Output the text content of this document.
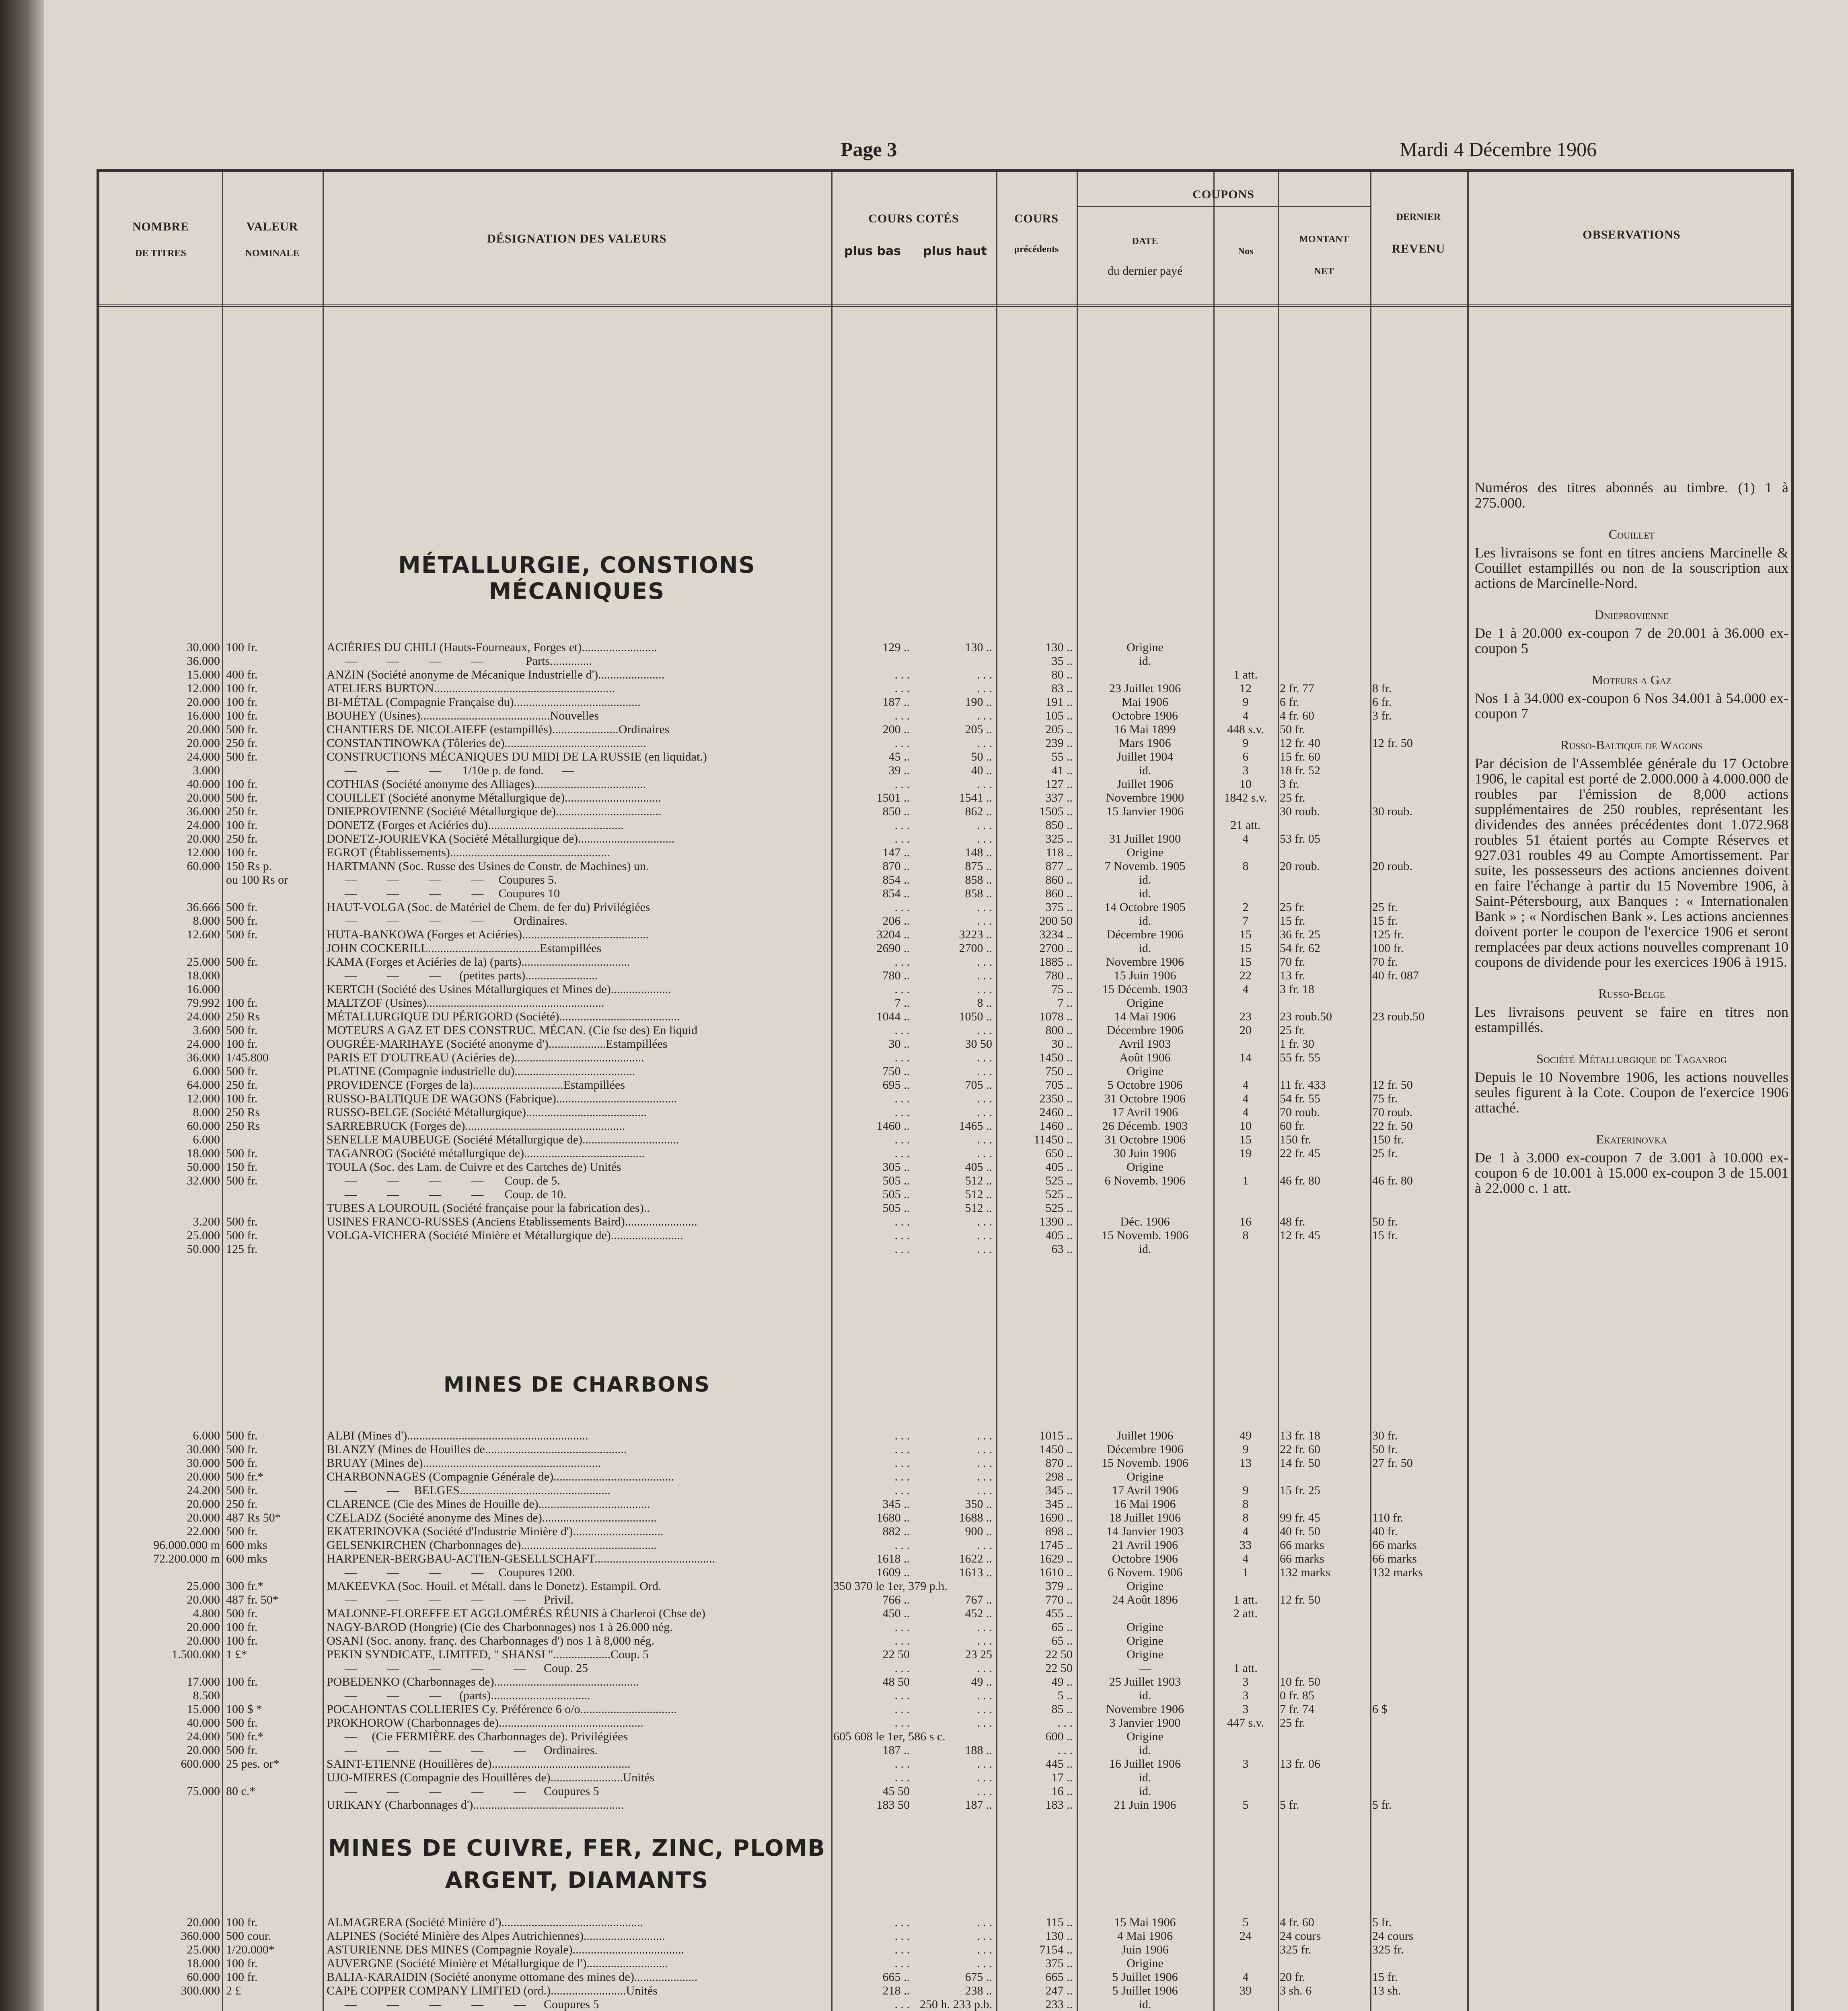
Page 3	Mardi 4 Décembre 1906
NOMBRE
DE TITRES
VALEUR
NOMINALE
DÉSIGNATION DES VALEURS
COURS COTÉS
plus bas	plus haut
COURS
précédents
COUPONS
DATE
du dernier payé
Nos
MONTANT
NET
DERNIER
REVENU
OBSERVATIONS
MÉTALLURGIE, CONSTIONS MÉCANIQUES
30.000
36.000
15.000
12.000
20.000
16.000
20.000
20.000
24.000
3.000
40.000
20.000
36.000
24.000
20.000
12.000
60.000

36.666
8.000
12.600

25.000
18.000
16.000
79.992
24.000
3.600
24.000
36.000
6.000
64.000
12.000
8.000
60.000
6.000
18.000
50.000
32.000

3.200
25.000
50.000
100 fr.

400 fr.
100 fr.
100 fr.
100 fr.
500 fr.
250 fr.
500 fr.

100 fr.
500 fr.
250 fr.
100 fr.
250 fr.
100 fr.
150 Rs p.
ou 100 Rs or

500 fr.
500 fr.
500 fr.

500 fr.

100 fr.
250 Rs
500 fr.
100 fr.
1/45.800
500 fr.
250 fr.
100 fr.
250 Rs
250 Rs

500 fr.
150 fr.
500 fr.

500 fr.
500 fr.
125 fr.
ACIÉRIES DU CHILI (Hauts-Fourneaux, Forges et).........................
—          —          —          —              Parts..............
ANZIN (Société anonyme de Mécanique Industrielle d')......................
ATELIERS BURTON............................................................
BI-MÉTAL (Compagnie Française du)..........................................
BOUHEY (Usines)...........................................Nouvelles
CHANTIERS DE NICOLAIEFF (estampillés)......................Ordinaires
CONSTANTINOWKA (Tôleries de)...............................................
CONSTRUCTIONS MÉCANIQUES DU MIDI DE LA RUSSIE (en liquidat.)
—          —          —       1/10e p. de fond.      —
COTHIAS (Société anonyme des Alliages).....................................
COUILLET (Société anonyme Métallurgique de)................................
DNIEPROVIENNE (Société Métallurgique de)...................................
DONETZ (Forges et Aciéries du).............................................
DONETZ-JOURIEVKA (Société Métallurgique de)................................
EGROT (Établissements).....................................................
HARTMANN (Soc. Russe des Usines de Constr. de Machines) un.
—          —          —          —     Coupures 5.
—          —          —          —     Coupures 10
HAUT-VOLGA (Soc. de Matériel de Chem. de fer du) Privilégiées
—          —          —          —          Ordinaires.
HUTA-BANKOWA (Forges et Aciéries)..........................................
JOHN COCKERILL.....................................Estampillées
KAMA (Forges et Aciéries de la) (parts)....................................
—          —          —      (petites parts)........................
KERTCH (Société des Usines Métallurgiques et Mines de)....................
MALTZOF (Usines)...........................................................
MÉTALLURGIQUE DU PÉRIGORD (Société)........................................
MOTEURS A GAZ ET DES CONSTRUC. MÉCAN. (Cie fse des) En liquid
OUGRÉE-MARIHAYE (Société anonyme d')...................Estampillées
PARIS ET D'OUTREAU (Aciéries de)...........................................
PLATINE (Compagnie industrielle du)........................................
PROVIDENCE (Forges de la)..............................Estampillées
RUSSO-BALTIQUE DE WAGONS (Fabrique)........................................
RUSSO-BELGE (Société Métallurgique)........................................
SARREBRUCK (Forges de).....................................................
SENELLE MAUBEUGE (Société Métallurgique de)................................
TAGANROG (Société métallurgique de)........................................
TOULA (Soc. des Lam. de Cuivre et des Cartches de) Unités
—          —          —          —       Coup. de 5.
—          —          —          —       Coup. de 10.
TUBES A LOUROUIL (Société française pour la fabrication des)..
USINES FRANCO-RUSSES (Anciens Etablissements Baird)........................
VOLGA-VICHERA (Société Minière et Métallurgique de)........................
129 ..

. . .
. . .
187 ..
. . .
200 ..
. . .
45 ..
39 ..
. . .
1501 ..
850 ..
. . .
. . .
147 ..
870 ..
854 ..
854 ..
. . .
206 ..
3204 ..
2690 ..
. . .
780 ..
. . .
7 ..
1044 ..
. . .
30 ..
. . .
750 ..
695 ..
. . .
. . .
1460 ..
. . .
. . .
305 ..
505 ..
505 ..
505 ..
. . .
. . .
. . .
130 ..

. . .
. . .
190 ..
. . .
205 ..
. . .
50 ..
40 ..
. . .
1541 ..
862 ..
. . .
. . .
148 ..
875 ..
858 ..
858 ..
. . .
. . .
3223 ..
2700 ..
. . .
. . .
. . .
8 ..
1050 ..
. . .
30 50
. . .
. . .
705 ..
. . .
. . .
1465 ..
. . .
. . .
405 ..
512 ..
512 ..
512 ..
. . .
. . .
. . .
130 ..
35 ..
80 ..
83 ..
191 ..
105 ..
205 ..
239 ..
55 ..
41 ..
127 ..
337 ..
1505 ..
850 ..
325 ..
118 ..
877 ..
860 ..
860 ..
375 ..
200 50
3234 ..
2700 ..
1885 ..
780 ..
75 ..
7 ..
1078 ..
800 ..
30 ..
1450 ..
750 ..
705 ..
2350 ..
2460 ..
1460 ..
11450 ..
650 ..
405 ..
525 ..
525 ..
525 ..
1390 ..
405 ..
63 ..
Origine
id.

23 Juillet 1906
Mai 1906
Octobre 1906
16 Mai 1899
Mars 1906
Juillet 1904
id.
Juillet 1906
Novembre 1900
15 Janvier 1906

31 Juillet 1900
Origine
7 Novemb. 1905
id.
id.
14 Octobre 1905
id.
Décembre 1906
id.
Novembre 1906
15 Juin 1906
15 Décemb. 1903
Origine
14 Mai 1906
Décembre 1906
Avril 1903
Août 1906
Origine
5 Octobre 1906
31 Octobre 1906
17 Avril 1906
26 Décemb. 1903
31 Octobre 1906
30 Juin 1906
Origine
6 Novemb. 1906

Déc. 1906
15 Novemb. 1906
id.

1 att.
12
9
4
448 s.v.
9
6
3
10
1842 s.v.

21 att.
4

8

2
7
15
15
15
22
4

23
20

14

4
4
4
10
15
19

1

16
8

2 fr. 77
6 fr.
4 fr. 60
50 fr.
12 fr. 40
15 fr. 60
18 fr. 52
3 fr.
25 fr.
30 roub.

53 fr. 05

20 roub.

25 fr.
15 fr.
36 fr. 25
54 fr. 62
70 fr.
13 fr.
3 fr. 18

23 roub.50
25 fr.
1 fr. 30
55 fr. 55

11 fr. 433
54 fr. 55
70 roub.
60 fr.
150 fr.
22 fr. 45

46 fr. 80

48 fr.
12 fr. 45

8 fr.
6 fr.
3 fr.

12 fr. 50

30 roub.

20 roub.

25 fr.
15 fr.
125 fr.
100 fr.
70 fr.
40 fr. 087

23 roub.50

12 fr. 50
75 fr.
70 roub.
22 fr. 50
150 fr.
25 fr.

46 fr. 80

50 fr.
15 fr.

MINES DE CHARBONS
6.000
30.000
30.000
20.000
24.200
20.000
20.000
22.000
96.000.000 m
72.200.000 m

25.000
20.000
4.800
20.000
20.000
1.500.000

17.000
8.500
15.000
40.000
24.000
20.000
600.000

75.000
500 fr.
500 fr.
500 fr.
500 fr.*
500 fr.
250 fr.
487 Rs 50*
500 fr.
600 mks
600 mks

300 fr.*
487 fr. 50*
500 fr.
100 fr.
100 fr.
1 £*

100 fr.

100 $ *
500 fr.
500 fr.*
500 fr.
25 pes. or*

80 c.*
ALBI (Mines d')............................................................
BLANZY (Mines de Houilles de...............................................
BRUAY (Mines de)...........................................................
CHARBONNAGES (Compagnie Générale de)........................................
—          —     BELGES..................................................
CLARENCE (Cie des Mines de Houille de).....................................
CZELADZ (Société anonyme des Mines de)......................................
EKATERINOVKA (Société d'Industrie Minière d')..............................
GELSENKIRCHEN (Charbonnages de).............................................
HARPENER-BERGBAU-ACTIEN-GESELLSCHAFT........................................
—          —          —          —     Coupures 1200.
MAKEEVKA (Soc. Houil. et Métall. dans le Donetz). Estampil. Ord.
—          —          —          —          —      Privil.
MALONNE-FLOREFFE ET AGGLOMÉRÉS RÉUNIS à Charleroi (Chse de)
NAGY-BAROD (Hongrie) (Cie des Charbonnages) nos 1 à 26.000 nég.
OSANI (Soc. anony. franç. des Charbonnages d') nos 1 à 8,000 nég.
PEKIN SYNDICATE, LIMITED, " SHANSI "...................Coup. 5
—          —          —          —          —      Coup. 25
POBEDENKO (Charbonnages de)................................................
—          —          —      (parts).................................
POCAHONTAS COLLIERIES Cy. Préférence 6 o/o................................
PROKHOROW (Charbonnages de)................................................
—     (Cie FERMIÈRE des Charbonnages de). Privilégiées
—          —          —          —          —      Ordinaires.
SAINT-ETIENNE (Houillères de)..............................................
UJO-MIERES (Compagnie des Houillères de)........................Unités
—          —          —          —          —      Coupures 5
URIKANY (Charbonnages d')..................................................
. . .
. . .
. . .
. . .
. . .
345 ..
1680 ..
882 ..
. . .
1618 ..
1609 ..
350 370 le 1er, 379 p.h.
766 ..
450 ..
. . .
. . .
22 50
. . .
48 50
. . .
. . .
. . .
605 608 le 1er, 586 s c.
187 ..
. . .
. . .
45 50
183 50
. . .
. . .
. . .
. . .
. . .
350 ..
1688 ..
900 ..
. . .
1622 ..
1613 ..

767 ..
452 ..
. . .
. . .
23 25
. . .
49 ..
. . .
. . .
. . .

188 ..
. . .
. . .
. . .
187 ..
1015 ..
1450 ..
870 ..
298 ..
345 ..
345 ..
1690 ..
898 ..
1745 ..
1629 ..
1610 ..
379 ..
770 ..
455 ..
65 ..
65 ..
22 50
22 50
49 ..
5 ..
85 ..
. . .
600 ..
. . .
445 ..
17 ..
16 ..
183 ..
Juillet 1906
Décembre 1906
15 Novemb. 1906
Origine
17 Avril 1906
16 Mai 1906
18 Juillet 1906
14 Janvier 1903
21 Avril 1906
Octobre 1906
6 Novem. 1906
Origine
24 Août 1896

Origine
Origine
Origine
—
25 Juillet 1903
id.
Novembre 1906
3 Janvier 1900
Origine
id.
16 Juillet 1906
id.
id.
21 Juin 1906
49
9
13

9
8
8
4
33
4
1

1 att.
2 att.

1 att.
3
3
3
447 s.v.

3

5
13 fr. 18
22 fr. 60
14 fr. 50

15 fr. 25

99 fr. 45
40 fr. 50
66 marks
66 marks
132 marks

12 fr. 50

10 fr. 50
0 fr. 85
7 fr. 74
25 fr.

13 fr. 06

5 fr.
30 fr.
50 fr.
27 fr. 50

110 fr.
40 fr.
66 marks
66 marks
132 marks

6 $

5 fr.
MINES DE CUIVRE, FER, ZINC, PLOMB
ARGENT, DIAMANTS
20.000
360.000
25.000
18.000
60.000
300.000

100 fr.
500 cour.
1/20.000*
100 fr.
100 fr.
2 £

ALMAGRERA (Société Minière d')...............................................
ALPINES (Société Minière des Alpes Autrichiennes)...........................
ASTURIENNE DES MINES (Compagnie Royale).....................................
AUVERGNE (Société Minière et Métallurgique de l')...........................
BALIA-KARAIDIN (Société anonyme ottomane des mines de).....................
CAPE COPPER COMPANY LIMITED (ord.).........................Unités
—          —          —          —          —      Coupures 5

. . .
. . .
. . .
. . .
665 ..
218 ..
. . .

. . .
. . .
. . .
. . .
675 ..
238 ..
250 h. 233 p.b.

115 ..
130 ..
7154 ..
375 ..
665 ..
247 ..
233 ..

15 Mai 1906
4 Mai 1906
Juin 1906
Origine
5 Juillet 1906
5 Juillet 1906
id.

5
24

4
39

4 fr. 60
24 cours
325 fr.

20 fr.
3 sh. 6

5 fr.
24 cours
325 fr.

15 fr.
13 sh.

Numéros des titres abonnés au timbre. (1) 1 à 275.000.

Couillet

Les livraisons se font en titres anciens Marcinelle & Couillet estampillés ou non de la souscription aux actions de Marcinelle-Nord.

Dnieprovienne

De 1 à 20.000 ex-coupon 7 de 20.001 à 36.000 ex-coupon 5

Moteurs a Gaz

Nos 1 à 34.000 ex-coupon 6 Nos 34.001 à 54.000 ex-coupon 7

Russo-Baltique de Wagons

Par décision de l'Assemblée générale du 17 Octobre 1906, le capital est porté de 2.000.000 à 4.000.000 de roubles par l'émission de 8,000 actions supplémentaires de 250 roubles, représentant les dividendes des années précédentes dont 1.072.968 roubles 51 étaient portés au Compte Réserves et 927.031 roubles 49 au Compte Amortissement. Par suite, les possesseurs des actions anciennes doivent en faire l'échange à partir du 15 Novembre 1906, à Saint-Pétersbourg, aux Banques : « Internationalen Bank » ; « Nordischen Bank ». Les actions anciennes doivent porter le coupon de l'exercice 1906 et seront remplacées par deux actions nouvelles comprenant 10 coupons de dividende pour les exercices 1906 à 1915.

Russo-Belge

Les livraisons peuvent se faire en titres non estampillés.

Société Métallurgique de Taganrog

Depuis le 10 Novembre 1906, les actions nouvelles seules figurent à la Cote. Coupon de l'exercice 1906 attaché.

Ekaterinovka

De 1 à 3.000 ex-coupon 7 de 3.001 à 10.000 ex-coupon 6 de 10.001 à 15.000 ex-coupon 3 de 15.001 à 22.000 c. 1 att.
